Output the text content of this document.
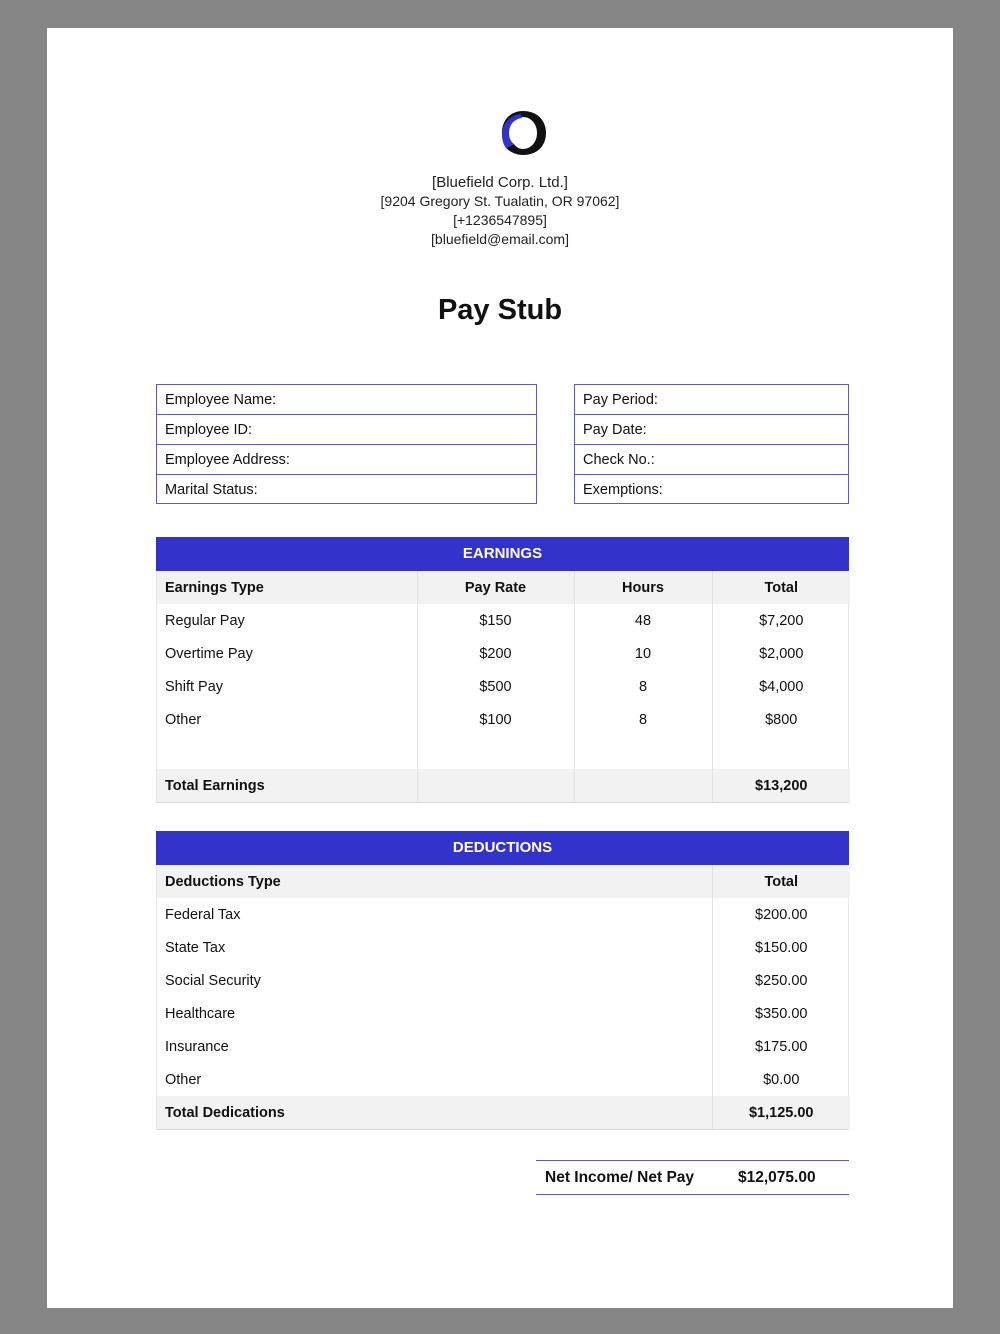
[Bluefield Corp. Ltd.]
[9204 Gregory St. Tualatin, OR 97062]
[+1236547895]
[bluefield@email.com]
Pay Stub
Employee Name:
Employee ID:
Employee Address:
Marital Status:
Pay Period:
Pay Date:
Check No.:
Exemptions:
EARNINGS
Earnings Type	Pay Rate	Hours	Total
Regular Pay	$150	48	$7,200
Overtime Pay	$200	10	$2,000
Shift Pay	$500	8	$4,000
Other	$100	8	$800

Total Earnings			$13,200
DEDUCTIONS
Deductions Type	Total
Federal Tax	$200.00
State Tax	$150.00
Social Security	$250.00
Healthcare	$350.00
Insurance	$175.00
Other	$0.00
Total Dedications	$1,125.00
Net Income/ Net Pay	$12,075.00
